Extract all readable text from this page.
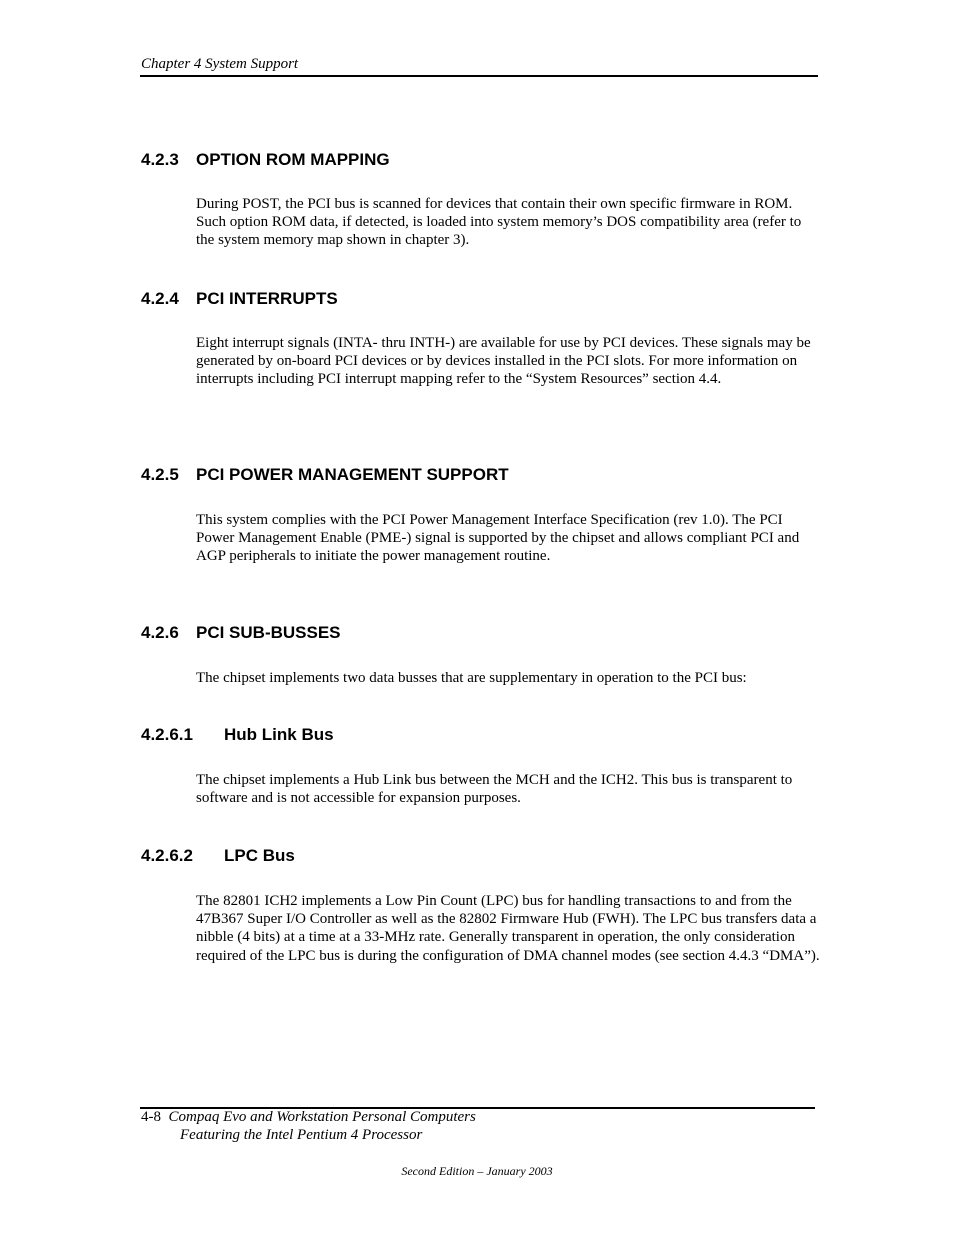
Chapter 4 System Support
4.2.3 OPTION ROM MAPPING

During POST, the PCI bus is scanned for devices that contain their own specific firmware in ROM. Such option ROM data, if detected, is loaded into system memory’s DOS compatibility area (refer to the system memory map shown in chapter 3).

4.2.4 PCI INTERRUPTS

Eight interrupt signals (INTA- thru INTH-) are available for use by PCI devices. These signals may be generated by on-board PCI devices or by devices installed in the PCI slots. For more information on interrupts including PCI interrupt mapping refer to the “System Resources” section 4.4.

4.2.5 PCI POWER MANAGEMENT SUPPORT

This system complies with the PCI Power Management Interface Specification (rev 1.0). The PCI Power Management Enable (PME-) signal is supported by the chipset and allows compliant PCI and AGP peripherals to initiate the power management routine.

4.2.6 PCI SUB-BUSSES

The chipset implements two data busses that are supplementary in operation to the PCI bus:

4.2.6.1 Hub Link Bus

The chipset implements a Hub Link bus between the MCH and the ICH2. This bus is transparent to software and is not accessible for expansion purposes.

4.2.6.2 LPC Bus

The 82801 ICH2 implements a Low Pin Count (LPC) bus for handling transactions to and from the 47B367 Super I/O Controller as well as the 82802 Firmware Hub (FWH). The LPC bus transfers data a nibble (4 bits) at a time at a 33-MHz rate. Generally transparent in operation, the only consideration required of the LPC bus is during the configuration of DMA channel modes (see section 4.4.3 “DMA”).

4-8 Compaq Evo and Workstation Personal Computers
Featuring the Intel Pentium 4 Processor
Second Edition – January 2003
